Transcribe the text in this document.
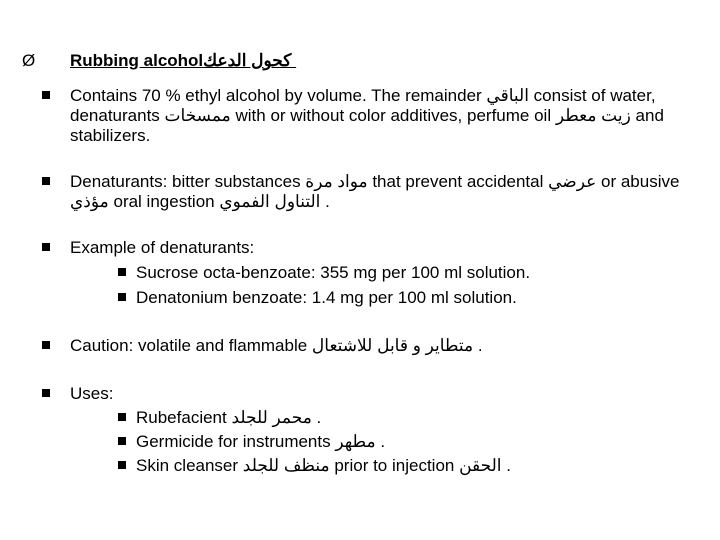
Ø Rubbing alcoholكحول الدعك
Contains 70 % ethyl alcohol by volume. The remainder الباقي consist of water, denaturants ممسخات with or without color additives, perfume oil زيت معطر and stabilizers.
Denaturants: bitter substances مواد مرة that prevent accidental عرضي or abusive مؤذي oral ingestion التناول الفموي .
Example of denaturants:
Sucrose octa-benzoate: 355 mg per 100 ml solution.
Denatonium benzoate: 1.4 mg per 100 ml solution.
Caution: volatile and flammable متطاير و قابل للاشتعال .
Uses:
Rubefacient محمر للجلد .
Germicide for instruments مطهر .
Skin cleanser منظف للجلد prior to injection الحقن .
